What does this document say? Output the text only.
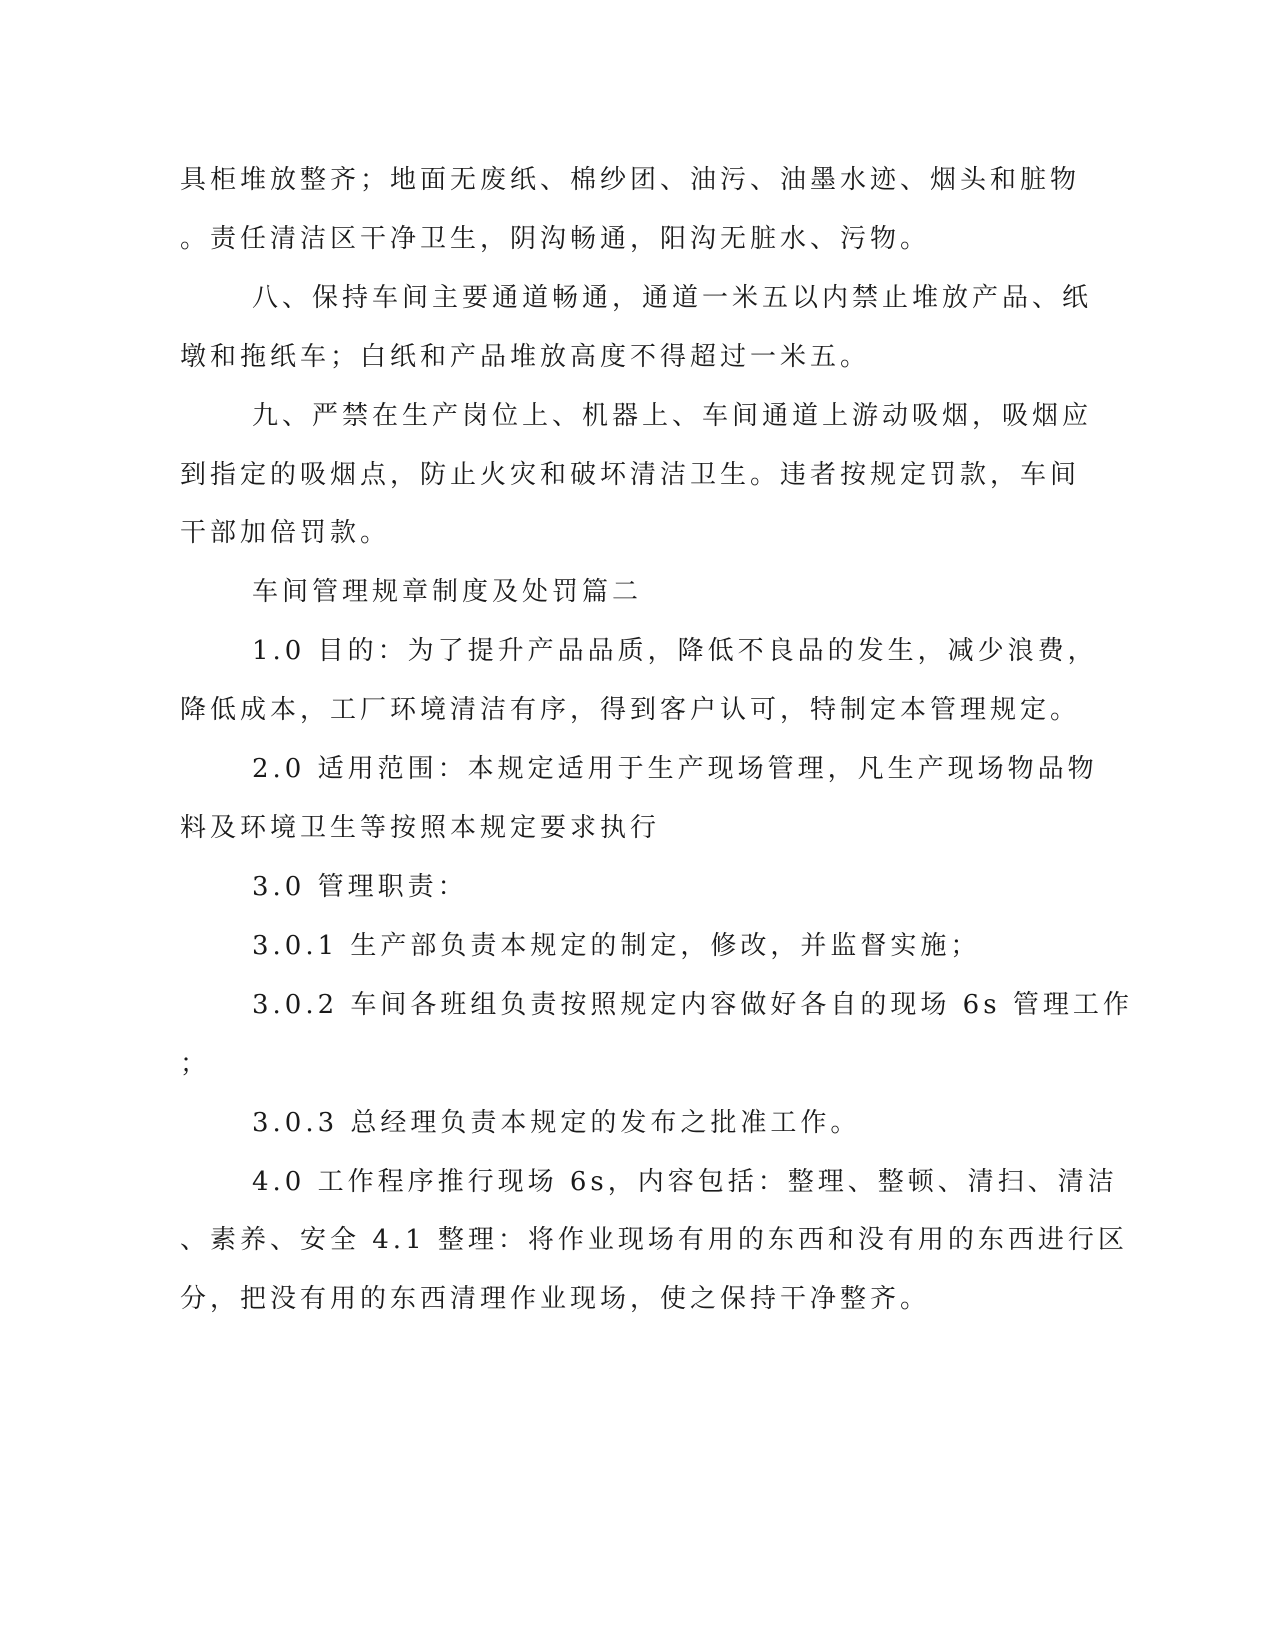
具柜堆放整齐；地面无废纸、棉纱团、油污、油墨水迹、烟头和脏物
。责任清洁区干净卫生，阴沟畅通，阳沟无脏水、污物。
八、保持车间主要通道畅通，通道一米五以内禁止堆放产品、纸
墩和拖纸车；白纸和产品堆放高度不得超过一米五。
九、严禁在生产岗位上、机器上、车间通道上游动吸烟，吸烟应
到指定的吸烟点，防止火灾和破坏清洁卫生。违者按规定罚款，车间
干部加倍罚款。
车间管理规章制度及处罚篇二
1.0 目的：为了提升产品品质，降低不良品的发生，减少浪费，
降低成本，工厂环境清洁有序，得到客户认可，特制定本管理规定。
2.0 适用范围：本规定适用于生产现场管理，凡生产现场物品物
料及环境卫生等按照本规定要求执行
3.0 管理职责：
3.0.1 生产部负责本规定的制定，修改，并监督实施；
3.0.2 车间各班组负责按照规定内容做好各自的现场 6s 管理工作
；
3.0.3 总经理负责本规定的发布之批准工作。
4.0 工作程序推行现场 6s，内容包括：整理、整顿、清扫、清洁
、素养、安全 4.1 整理：将作业现场有用的东西和没有用的东西进行区
分，把没有用的东西清理作业现场，使之保持干净整齐。
